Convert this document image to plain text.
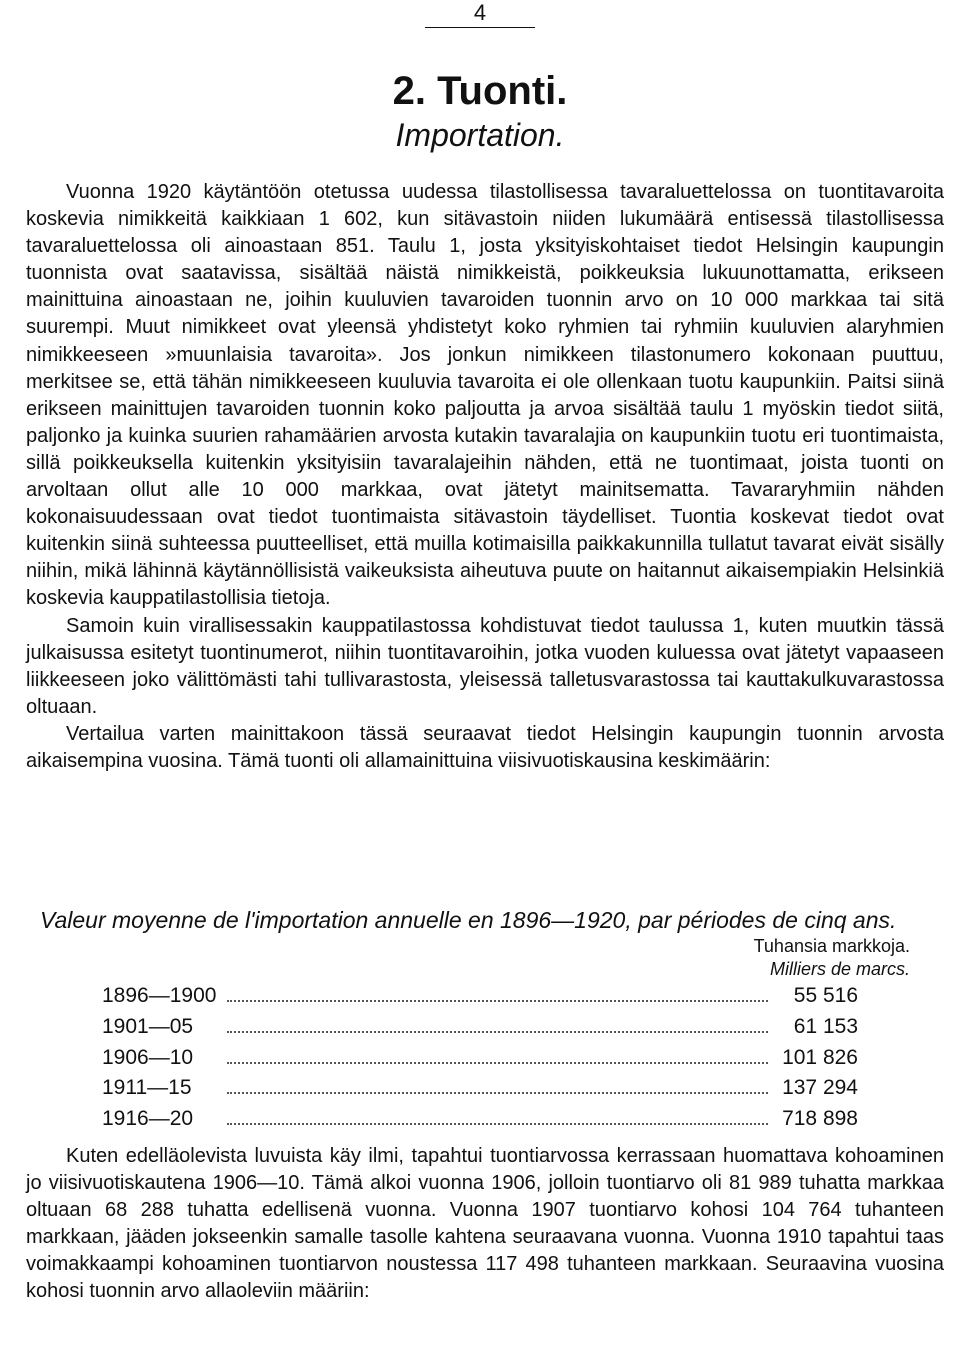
4
2. Tuonti.
Importation.

Vuonna 1920 käytäntöön otetussa uudessa tilastollisessa tavaraluettelossa on tuontitavaroita koskevia nimikkeitä kaikkiaan 1 602, kun sitävastoin niiden lukumäärä entisessä tilastollisessa tavaraluettelossa oli ainoastaan 851. Taulu 1, josta yksityiskohtaiset tiedot Helsingin kaupungin tuonnista ovat saatavissa, sisältää näistä nimikkeistä, poikkeuksia lukuunottamatta, erikseen mainittuina ainoastaan ne, joihin kuuluvien tavaroiden tuonnin arvo on 10 000 markkaa tai sitä suurempi. Muut nimikkeet ovat yleensä yhdistetyt koko ryhmien tai ryhmiin kuuluvien alaryhmien nimikkeeseen »muunlaisia tavaroita». Jos jonkun nimikkeen tilastonumero kokonaan puuttuu, merkitsee se, että tähän nimikkeeseen kuuluvia tavaroita ei ole ollenkaan tuotu kaupunkiin. Paitsi siinä erikseen mainittujen tavaroiden tuonnin koko paljoutta ja arvoa sisältää taulu 1 myöskin tiedot siitä, paljonko ja kuinka suurien rahamäärien arvosta kutakin tavaralajia on kaupunkiin tuotu eri tuontimaista, sillä poikkeuksella kuitenkin yksityisiin tavaralajeihin nähden, että ne tuontimaat, joista tuonti on arvoltaan ollut alle 10 000 markkaa, ovat jätetyt mainitsematta. Tavararyhmiin nähden kokonaisuudessaan ovat tiedot tuontimaista sitävastoin täydelliset. Tuontia koskevat tiedot ovat kuitenkin siinä suhteessa puutteelliset, että muilla kotimaisilla paikkakunnilla tullatut tavarat eivät sisälly niihin, mikä lähinnä käytännöllisistä vaikeuksista aiheutuva puute on haitannut aikaisempiakin Helsinkiä koskevia kauppatilastollisia tietoja.

Samoin kuin virallisessakin kauppatilastossa kohdistuvat tiedot taulussa 1, kuten muutkin tässä julkaisussa esitetyt tuontinumerot, niihin tuontitavaroihin, jotka vuoden kuluessa ovat jätetyt vapaaseen liikkeeseen joko välittömästi tahi tullivarastosta, yleisessä talletusvarastossa tai kauttakulkuvarastossa oltuaan.

Vertailua varten mainittakoon tässä seuraavat tiedot Helsingin kaupungin tuonnin arvosta aikaisempina vuosina. Tämä tuonti oli allamainittuina viisivuotiskausina keskimäärin:

Valeur moyenne de l'importation annuelle en 1896—1920, par périodes de cinq ans.
Tuhansia markkoja.
Milliers de marcs.
1896—1900	55 516
1901—05	61 153
1906—10	101 826
1911—15	137 294
1916—20	718 898

Kuten edelläolevista luvuista käy ilmi, tapahtui tuontiarvossa kerrassaan huomattava kohoaminen jo viisivuotiskautena 1906—10. Tämä alkoi vuonna 1906, jolloin tuontiarvo oli 81 989 tuhatta markkaa oltuaan 68 288 tuhatta edellisenä vuonna. Vuonna 1907 tuontiarvo kohosi 104 764 tuhanteen markkaan, jääden jokseenkin samalle tasolle kahtena seuraavana vuonna. Vuonna 1910 tapahtui taas voimakkaampi kohoaminen tuontiarvon noustessa 117 498 tuhanteen markkaan. Seuraavina vuosina kohosi tuonnin arvo allaoleviin määriin:
